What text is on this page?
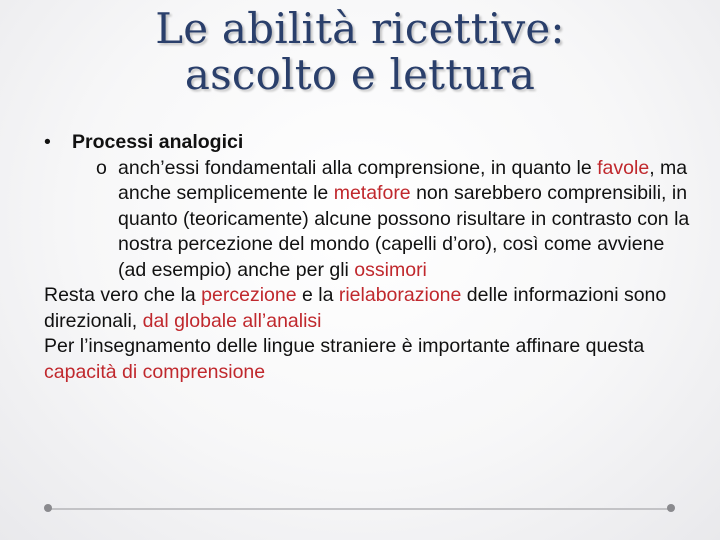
Le abilità ricettive:
ascolto e lettura
• Processi analogici
o anch’essi fondamentali alla comprensione, in quanto le favole, ma anche semplicemente le metafore non sarebbero comprensibili, in quanto (teoricamente) alcune possono risultare in contrasto con la nostra percezione del mondo (capelli d’oro), così come avviene (ad esempio) anche per gli ossimori
Resta vero che la percezione e la rielaborazione delle informazioni sono direzionali, dal globale all’analisi
Per l’insegnamento delle lingue straniere è importante affinare questa capacità di comprensione
